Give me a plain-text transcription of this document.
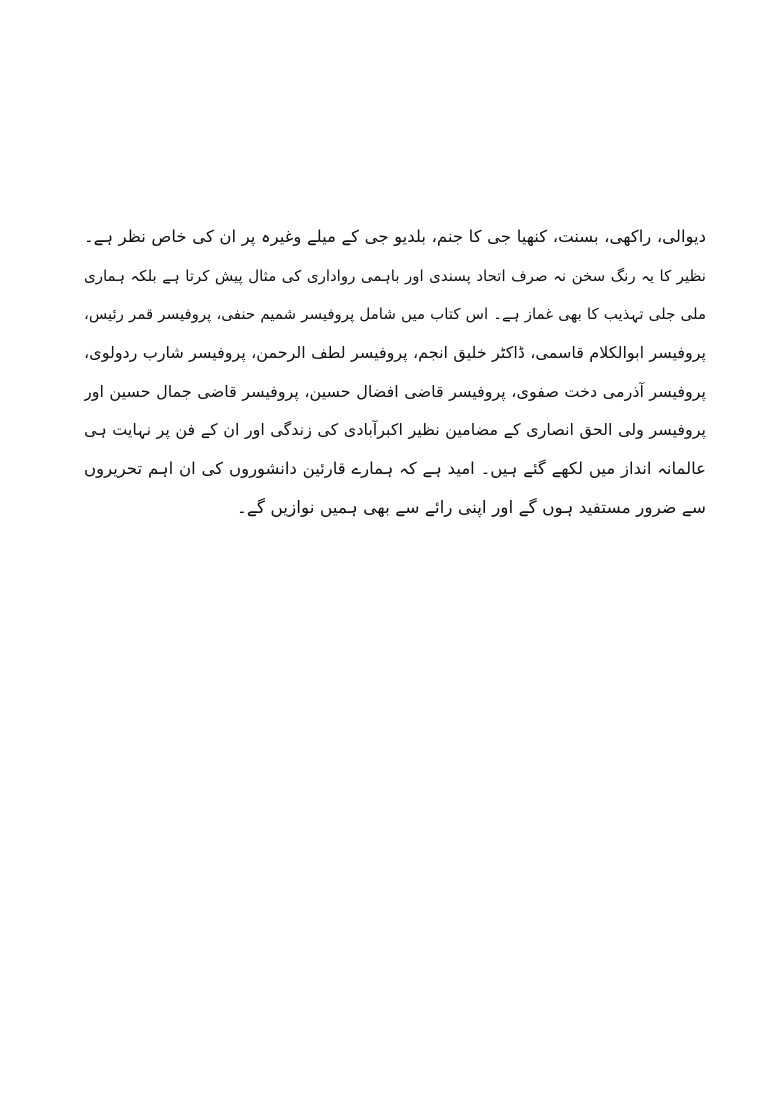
دیوالی، راکھی، بسنت، کنھیا جی کا جنم، بلدیو جی کے میلے وغیرہ پر ان کی خاص نظر ہے۔
نظیر کا یہ رنگ سخن نہ صرف اتحاد پسندی اور باہمی رواداری کی مثال پیش کرتا ہے بلکہ ہماری
ملی جلی تہذیب کا بھی غماز ہے۔ اس کتاب میں شامل پروفیسر شمیم حنفی، پروفیسر قمر رئیس،
پروفیسر ابوالکلام قاسمی، ڈاکٹر خلیق انجم، پروفیسر لطف الرحمن، پروفیسر شارب ردولوی،
پروفیسر آذرمی دخت صفوی، پروفیسر قاضی افضال حسین، پروفیسر قاضی جمال حسین اور
پروفیسر ولی الحق انصاری کے مضامین نظیر اکبرآبادی کی زندگی اور ان کے فن پر نہایت ہی
عالمانہ انداز میں لکھے گئے ہیں۔ امید ہے کہ ہمارے قارئین دانشوروں کی ان اہم تحریروں
سے ضرور مستفید ہوں گے اور اپنی رائے سے بھی ہمیں نوازیں گے۔
